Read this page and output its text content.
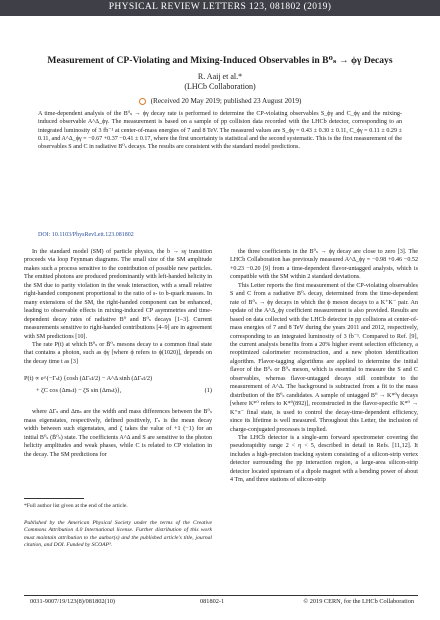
PHYSICAL REVIEW LETTERS 123, 081802 (2019)
Measurement of CP-Violating and Mixing-Induced Observables in B⁰ₛ → ϕγ Decays
R. Aaij et al.*
(LHCb Collaboration)
(Received 20 May 2019; published 23 August 2019)
A time-dependent analysis of the B⁰ₛ → ϕγ decay rate is performed to determine the CP-violating observables S_ϕγ and C_ϕγ and the mixing-induced observable A^Δ_ϕγ. The measurement is based on a sample of pp collision data recorded with the LHCb detector, corresponding to an integrated luminosity of 3 fb⁻¹ at center-of-mass energies of 7 and 8 TeV. The measured values are S_ϕγ = 0.43 ± 0.30 ± 0.11, C_ϕγ = 0.11 ± 0.29 ± 0.11, and A^Δ_ϕγ = −0.67 +0.37 −0.41 ± 0.17, where the first uncertainty is statistical and the second systematic. This is the first measurement of the observables S and C in radiative B⁰ₛ decays. The results are consistent with the standard model predictions.
DOI: 10.1103/PhysRevLett.123.081802

In the standard model (SM) of particle physics, the b → sγ transition proceeds via loop Feynman diagrams. The small size of the SM amplitude makes such a process sensitive to the contribution of possible new particles. The emitted photons are produced predominantly with left-handed helicity in the SM due to parity violation in the weak interaction, with a small relative right-handed component proportional to the ratio of s- to b-quark masses. In many extensions of the SM, the right-handed component can be enhanced, leading to observable effects in mixing-induced CP asymmetries and time-dependent decay rates of radiative B⁰ and B⁰ₛ decays [1–3]. Current measurements sensitive to right-handed contributions [4–9] are in agreement with SM predictions [10].

The rate P(t) at which B⁰ₛ or B̄⁰ₛ mesons decay to a common final state that contains a photon, such as ϕγ [where ϕ refers to ϕ(1020)], depends on the decay time t as [3]

P(t) ∝ e^(−Γₛt) {cosh (ΔΓₛt/2) − A^Δ sinh (ΔΓₛt/2)
+ ζC cos (Δmₛt) − ζS sin (Δmₛt)},	(1)

where ΔΓₛ and Δmₛ are the width and mass differences between the B⁰ₛ mass eigenstates, respectively, defined positively, Γₛ is the mean decay width between such eigenstates, and ζ takes the value of +1 (−1) for an initial B⁰ₛ (B̄⁰ₛ) state. The coefficients A^Δ and S are sensitive to the photon helicity amplitudes and weak phases, while C is related to CP violation in the decay. The SM predictions for

the three coefficients in the B⁰ₛ → ϕγ decay are close to zero [3]. The LHCb Collaboration has previously measured A^Δ_ϕγ = −0.98 +0.46 −0.52 +0.23 −0.20 [9] from a time-dependent flavor-untagged analysis, which is compatible with the SM within 2 standard deviations.

This Letter reports the first measurement of the CP-violating observables S and C from a radiative B⁰ₛ decay, determined from the time-dependent rate of B⁰ₛ → ϕγ decays in which the ϕ meson decays to a K⁺K⁻ pair. An update of the A^Δ_ϕγ coefficient measurement is also provided. Results are based on data collected with the LHCb detector in pp collisions at center-of-mass energies of 7 and 8 TeV during the years 2011 and 2012, respectively, corresponding to an integrated luminosity of 3 fb⁻¹. Compared to Ref. [9], the current analysis benefits from a 20% higher event selection efficiency, a reoptimized calorimeter reconstruction, and a new photon identification algorithm. Flavor-tagging algorithms are applied to determine the initial flavor of the B⁰ₛ or B̄⁰ₛ meson, which is essential to measure the S and C observables, whereas flavor-untagged decays still contribute to the measurement of A^Δ. The background is subtracted from a fit to the mass distribution of the B⁰ₛ candidates. A sample of untagged B⁰ → K*⁰γ decays [where K*⁰ refers to K*⁰(892)], reconstructed in the flavor-specific K*⁰ → K⁺π⁻ final state, is used to control the decay-time-dependent efficiency, since its lifetime is well measured. Throughout this Letter, the inclusion of charge-conjugated processes is implied.

The LHCb detector is a single-arm forward spectrometer covering the pseudorapidity range 2 < η < 5, described in detail in Refs. [11,12]. It includes a high-precision tracking system consisting of a silicon-strip vertex detector surrounding the pp interaction region, a large-area silicon-strip detector located upstream of a dipole magnet with a bending power of about 4 Tm, and three stations of silicon-strip

*Full author list given at the end of the article.
Published by the American Physical Society under the terms of the Creative Commons Attribution 4.0 International license. Further distribution of this work must maintain attribution to the author(s) and the published article's title, journal citation, and DOI. Funded by SCOAP³.
0031-9007/19/123(8)/081802(10)	081802-1	© 2019 CERN, for the LHCb Collaboration
